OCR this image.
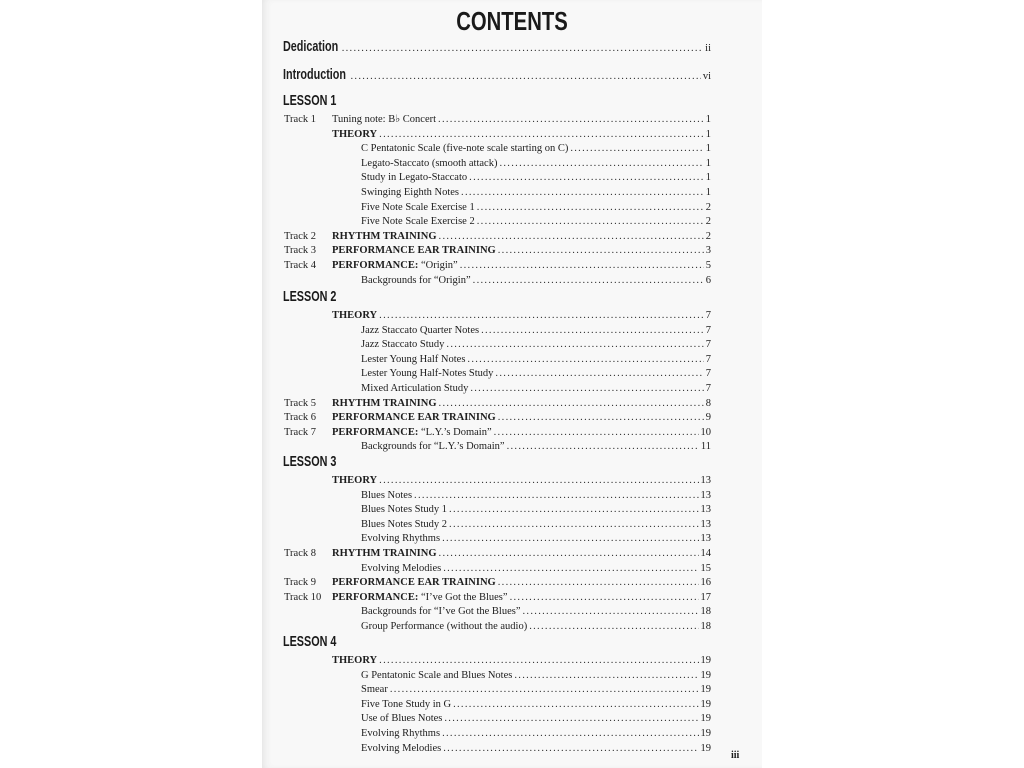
CONTENTS
Dedication .....	ii
Introduction .....	vi
LESSON 1
Track 1 Tuning note: B♭ Concert .....	1
THEORY .....	1
C Pentatonic Scale (five-note scale starting on C) .....	1
Legato-Staccato (smooth attack) .....	1
Study in Legato-Staccato .....	1
Swinging Eighth Notes .....	1
Five Note Scale Exercise 1 .....	2
Five Note Scale Exercise 2 .....	2
Track 2 RHYTHM TRAINING .....	2
Track 3 PERFORMANCE EAR TRAINING .....	3
Track 4 PERFORMANCE: “Origin” .....	5
Backgrounds for “Origin” .....	6
LESSON 2
THEORY .....	7
Jazz Staccato Quarter Notes .....	7
Jazz Staccato Study .....	7
Lester Young Half Notes .....	7
Lester Young Half-Notes Study .....	7
Mixed Articulation Study .....	7
Track 5 RHYTHM TRAINING .....	8
Track 6 PERFORMANCE EAR TRAINING .....	9
Track 7 PERFORMANCE: “L.Y.’s Domain” .....	10
Backgrounds for “L.Y.’s Domain” .....	11
LESSON 3
THEORY .....	13
Blues Notes .....	13
Blues Notes Study 1 .....	13
Blues Notes Study 2 .....	13
Evolving Rhythms .....	13
Track 8 RHYTHM TRAINING .....	14
Evolving Melodies .....	15
Track 9 PERFORMANCE EAR TRAINING .....	16
Track 10 PERFORMANCE: “I’ve Got the Blues” .....	17
Backgrounds for “I’ve Got the Blues” .....	18
Group Performance (without the audio) .....	18
LESSON 4
THEORY .....	19
G Pentatonic Scale and Blues Notes .....	19
Smear .....	19
Five Tone Study in G .....	19
Use of Blues Notes .....	19
Evolving Rhythms .....	19
Evolving Melodies .....	19
iii
